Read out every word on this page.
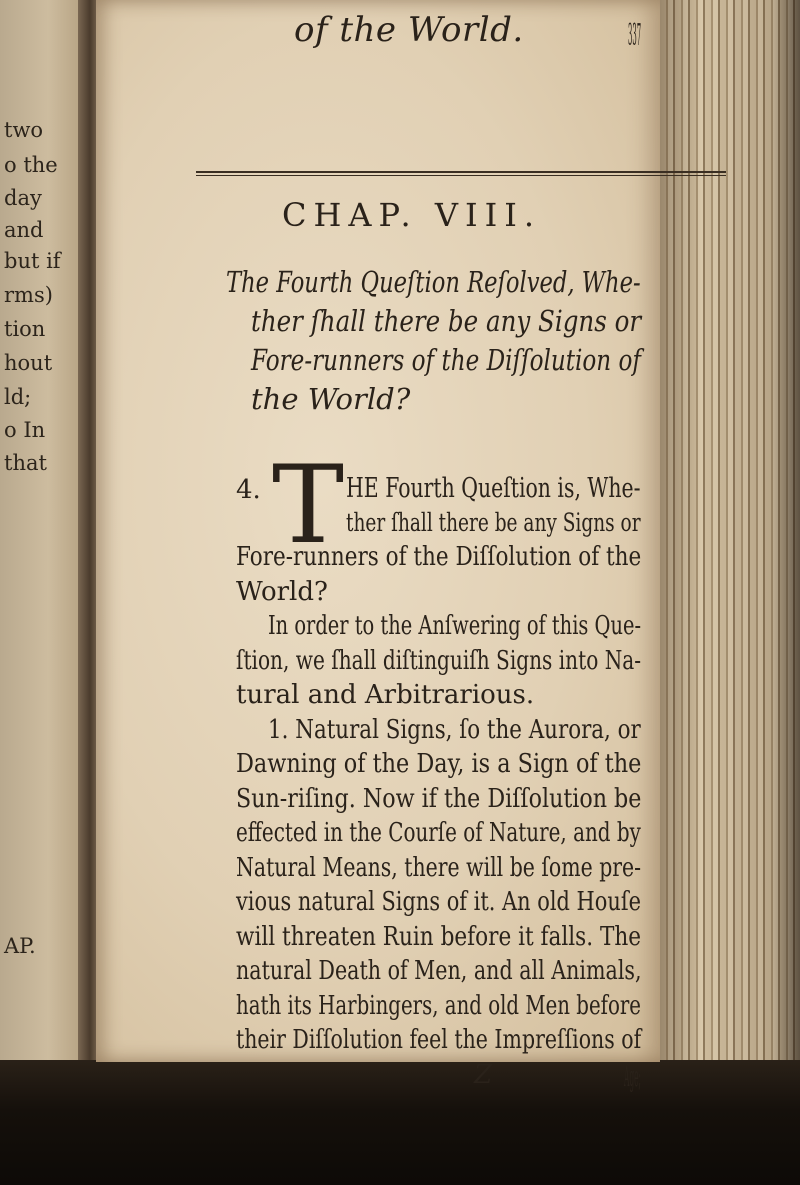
two
o the
day
and
but if
rms)
tion
hout
ld;
o In
that
AP.
of the World.	337
CHAP. VIII.
The Fourth Queſtion Reſolved, Whe-
ther ſhall there be any Signs or
Fore-runners of the Diſſolution of
the World?
4. T HE Fourth Queſtion is, Whe-
ther ſhall there be any Signs or
Fore-runners of the Diſſolution of the
World?
In order to the Anſwering of this Que-
ſtion, we ſhall diſtinguiſh Signs into Na-
tural and Arbitrarious.
1. Natural Signs, ſo the Aurora, or
Dawning of the Day, is a Sign of the
Sun-riſing. Now if the Diſſolution be
effected in the Courſe of Nature, and by
Natural Means, there will be ſome pre-
vious natural Signs of it. An old Houſe
will threaten Ruin before it falls. The
natural Death of Men, and all Animals,
hath its Harbingers, and old Men before
their Diſſolution feel the Impreſſions of
Z	Age;
